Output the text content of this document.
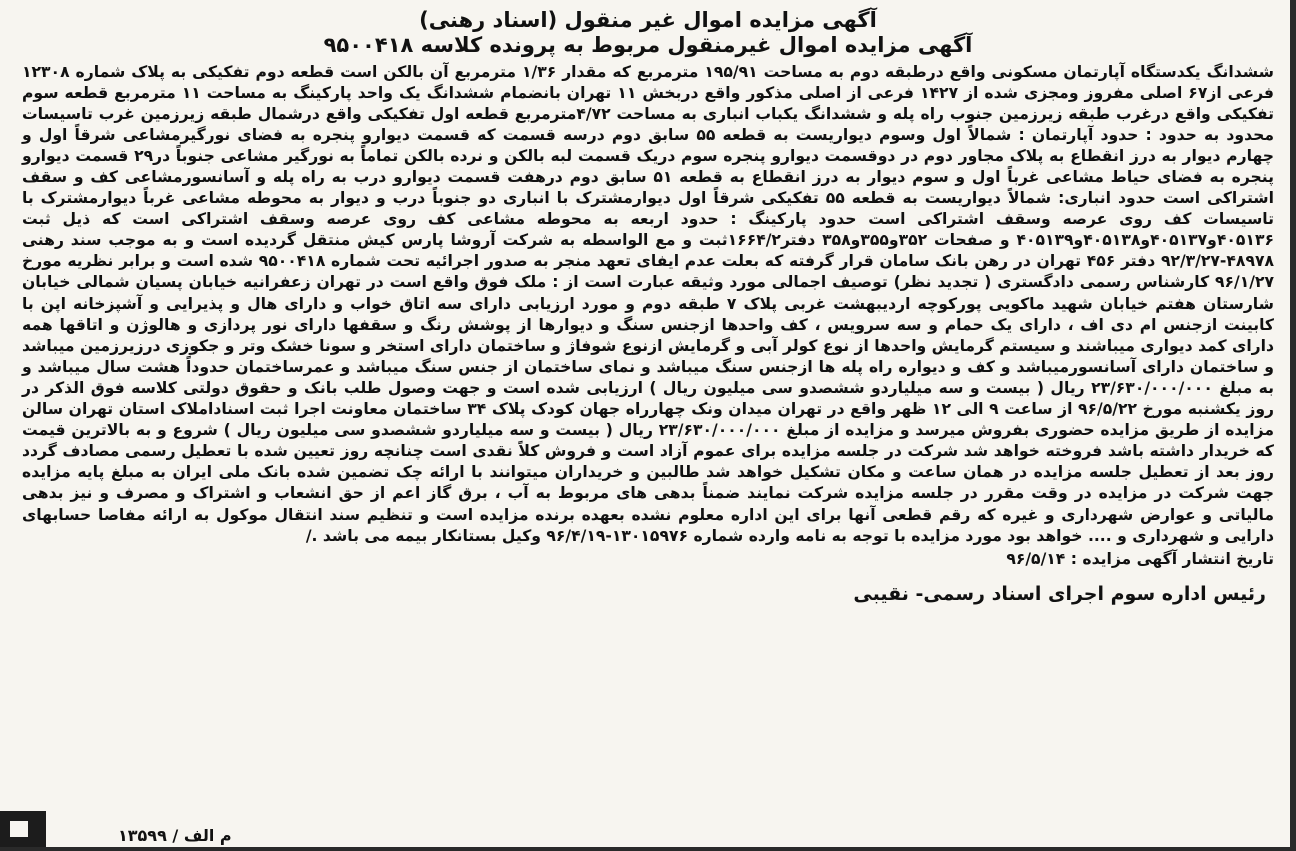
آگهی مزایده اموال غیر منقول (اسناد رهنی)
آگهی مزایده اموال غیرمنقول مربوط به پرونده کلاسه ۹۵۰۰۴۱۸

ششدانگ یکدستگاه آپارتمان مسکونی واقع درطبقه دوم به مساحت ۱۹۵/۹۱ مترمربع که مقدار ۱/۳۶ مترمربع آن بالکن است قطعه دوم تفکیکی به پلاک شماره ۱۲۳۰۸ فرعی از۶۷ اصلی مفروز ومجزی شده از ۱۴۲۷ فرعی از اصلی مذکور واقع دربخش ۱۱ تهران بانضمام ششدانگ یک واحد پارکینگ به مساحت ۱۱ مترمربع قطعه سوم تفکیکی واقع درغرب طبقه زیرزمین جنوب راه پله و ششدانگ یکباب انباری به مساحت ۴/۷۲مترمربع قطعه اول تفکیکی واقع درشمال طبقه زیرزمین غرب تاسیسات محدود به حدود : حدود آپارتمان : شمالاً اول وسوم دیواریست به قطعه ۵۵ سابق دوم درسه قسمت که قسمت دیوارو پنجره به فضای نورگیرمشاعی شرقاً اول و چهارم دیوار به درز انقطاع به پلاک مجاور دوم در دوقسمت دیوارو پنجره سوم دریک قسمت لبه بالکن و نرده بالکن تماماً به نورگیر مشاعی جنوباً در۲۹ قسمت دیوارو پنجره به فضای حیاط مشاعی غرباً اول و سوم دیوار به درز انقطاع به قطعه ۵۱ سابق دوم درهفت قسمت دیوارو درب به راه پله و آسانسورمشاعی کف و سقف اشتراکی است حدود انباری: شمالاً دیواریست به قطعه ۵۵ تفکیکی شرقاً اول دیوارمشترک با انباری دو جنوباً درب و دیوار به محوطه مشاعی غرباً دیوارمشترک با تاسیسات کف روی عرصه وسقف اشتراکی است حدود پارکینگ : حدود اربعه به محوطه مشاعی کف روی عرصه وسقف اشتراکی است که ذیل ثبت ۴۰۵۱۳۶و۴۰۵۱۳۷و۴۰۵۱۳۸و۴۰۵۱۳۹ و صفحات ۳۵۲و۳۵۵و۳۵۸ دفتر۱۶۶۴/۲ثبت و مع الواسطه به شرکت آروشا پارس کیش منتقل گردیده است و به موجب سند رهنی ۴۸۹۷۸-۹۲/۳/۲۷ دفتر ۴۵۶ تهران در رهن بانک سامان قرار گرفته که بعلت عدم ایفای تعهد منجر به صدور اجرائیه تحت شماره ۹۵۰۰۴۱۸ شده است و برابر نظریه مورخ ۹۶/۱/۲۷ کارشناس رسمی دادگستری ( تجدید نظر) توصیف اجمالی مورد وثیقه عبارت است از : ملک فوق واقع است در تهران زعفرانیه خیابان پسیان شمالی خیابان شارستان هفتم خیابان شهید ماکویی پورکوچه اردیبهشت غربی پلاک ۷ طبقه دوم و مورد ارزیابی دارای سه اتاق خواب و دارای هال و پذیرایی و آشپزخانه اپن با کابینت ازجنس ام دی اف ، دارای یک حمام و سه سرویس ، کف واحدها ازجنس سنگ و دیوارها از پوشش رنگ و سقفها دارای نور پردازی و هالوژن و اتاقها همه دارای کمد دیواری میباشند و سیستم گرمایش واحدها از نوع کولر آبی و گرمایش ازنوع شوفاژ و ساختمان دارای استخر و سونا خشک وتر و جکوزی درزیرزمین میباشد و ساختمان دارای آسانسورمیباشد و کف و دیواره راه پله ها ازجنس سنگ میباشد و نمای ساختمان از جنس سنگ میباشد و عمرساختمان حدوداً هشت سال میباشد و به مبلغ ۲۳/۶۳۰/۰۰۰/۰۰۰ ریال ( بیست و سه میلیاردو ششصدو سی میلیون ریال ) ارزیابی شده است و جهت وصول طلب بانک و حقوق دولتی کلاسه فوق الذکر در روز یکشنبه مورخ ۹۶/۵/۲۲ از ساعت ۹ الی ۱۲ ظهر واقع در تهران میدان ونک چهارراه جهان کودک پلاک ۳۴ ساختمان معاونت اجرا ثبت اسناداملاک استان تهران سالن مزایده از طریق مزایده حضوری بفروش میرسد و مزایده از مبلغ ۲۳/۶۳۰/۰۰۰/۰۰۰ ریال ( بیست و سه میلیاردو ششصدو سی میلیون ریال ) شروع و به بالاترین قیمت که خریدار داشته باشد فروخته خواهد شد شرکت در جلسه مزایده برای عموم آزاد است و فروش کلاً نقدی است چنانچه روز تعیین شده با تعطیل رسمی مصادف گردد روز بعد از تعطیل جلسه مزایده در همان ساعت و مکان تشکیل خواهد شد طالبین و خریداران میتوانند با ارائه چک تضمین شده بانک ملی ایران به مبلغ پایه مزایده جهت شرکت در مزایده در وقت مقرر در جلسه مزایده شرکت نمایند ضمناً بدهی های مربوط به آب ، برق گاز اعم از حق انشعاب و اشتراک و مصرف و نیز بدهی مالیاتی و عوارض شهرداری و غیره که رقم قطعی آنها برای این اداره معلوم نشده بعهده برنده مزایده است و تنظیم سند انتقال موکول به ارائه مفاصا حسابهای دارایی و شهرداری و .... خواهد بود مورد مزایده با توجه به نامه وارده شماره ۱۳۰۱۵۹۷۶-۹۶/۴/۱۹ وکیل بستانکار بیمه می باشد ./

تاریخ انتشار آگهی مزایده : ۹۶/۵/۱۴
رئیس اداره سوم اجرای اسناد رسمی- نقیبی
م الف / ۱۳۵۹۹
